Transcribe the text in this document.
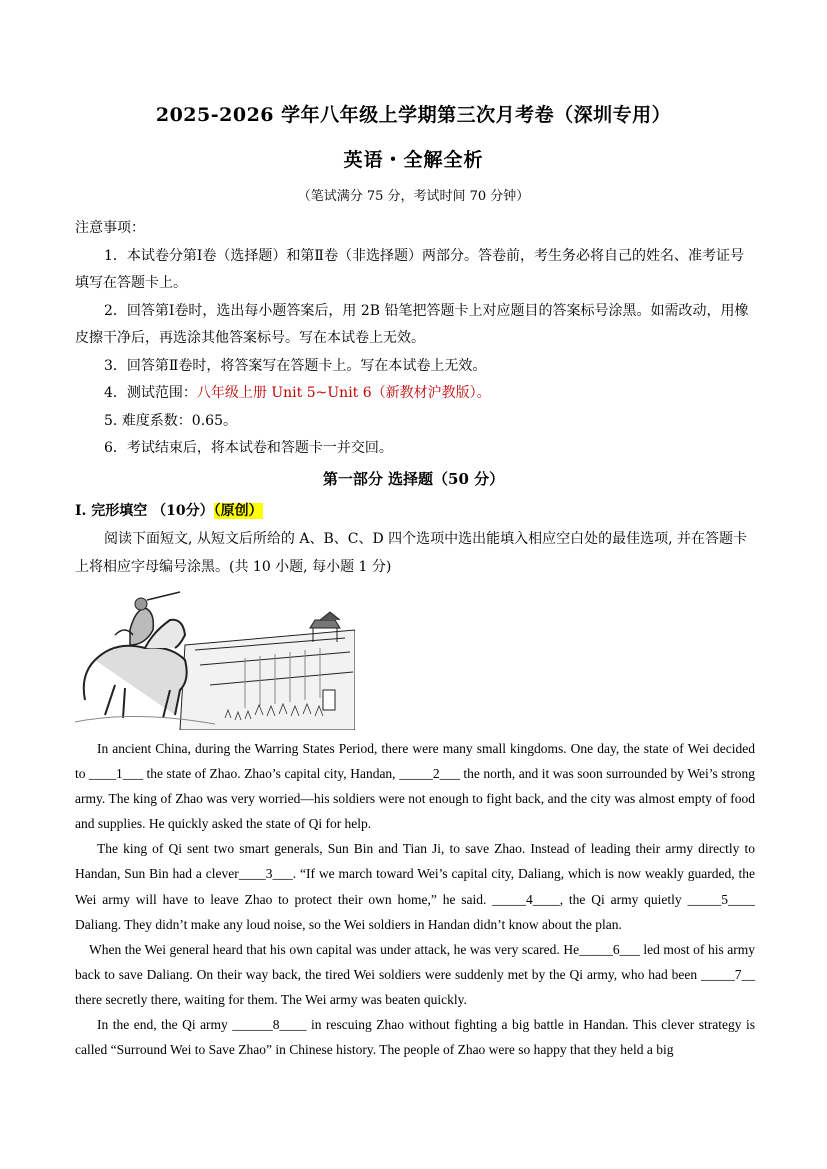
2025-2026 学年八年级上学期第三次月考卷（深圳专用）
英语・全解全析
（笔试满分 75 分，考试时间 70 分钟）

注意事项：

1．本试卷分第Ⅰ卷（选择题）和第Ⅱ卷（非选择题）两部分。答卷前，考生务必将自己的姓名、准考证号填写在答题卡上。

2．回答第Ⅰ卷时，选出每小题答案后，用 2B 铅笔把答题卡上对应题目的答案标号涂黑。如需改动，用橡皮擦干净后，再选涂其他答案标号。写在本试卷上无效。

3．回答第Ⅱ卷时，将答案写在答题卡上。写在本试卷上无效。

4．测试范围：八年级上册 Unit 5~Unit 6（新教材沪教版）。

5. 难度系数：0.65。

6．考试结束后，将本试卷和答题卡一并交回。

第一部分 选择题（50 分）
I. 完形填空 （10分）（原创）

阅读下面短文, 从短文后所给的 A、B、C、D 四个选项中选出能填入相应空白处的最佳选项, 并在答题卡上将相应字母编号涂黑。(共 10 小题, 每小题 1 分)

In ancient China, during the Warring States Period, there were many small kingdoms. One day, the state of Wei decided to ____1___ the state of Zhao. Zhao’s capital city, Handan, _____2___ the north, and it was soon surrounded by Wei’s strong army. The king of Zhao was very worried—his soldiers were not enough to fight back, and the city was almost empty of food and supplies. He quickly asked the state of Qi for help.

The king of Qi sent two smart generals, Sun Bin and Tian Ji, to save Zhao. Instead of leading their army directly to Handan, Sun Bin had a clever____3___. “If we march toward Wei’s capital city, Daliang, which is now weakly guarded, the Wei army will have to leave Zhao to protect their own home,” he said. _____4____, the Qi army quietly _____5____ Daliang. They didn’t make any loud noise, so the Wei soldiers in Handan didn’t know about the plan.

When the Wei general heard that his own capital was under attack, he was very scared. He_____6___ led most of his army back to save Daliang. On their way back, the tired Wei soldiers were suddenly met by the Qi army, who had been _____7__ there secretly there, waiting for them. The Wei army was beaten quickly.

In the end, the Qi army ______8____ in rescuing Zhao without fighting a big battle in Handan. This clever strategy is called “Surround Wei to Save Zhao” in Chinese history. The people of Zhao were so happy that they held a big
